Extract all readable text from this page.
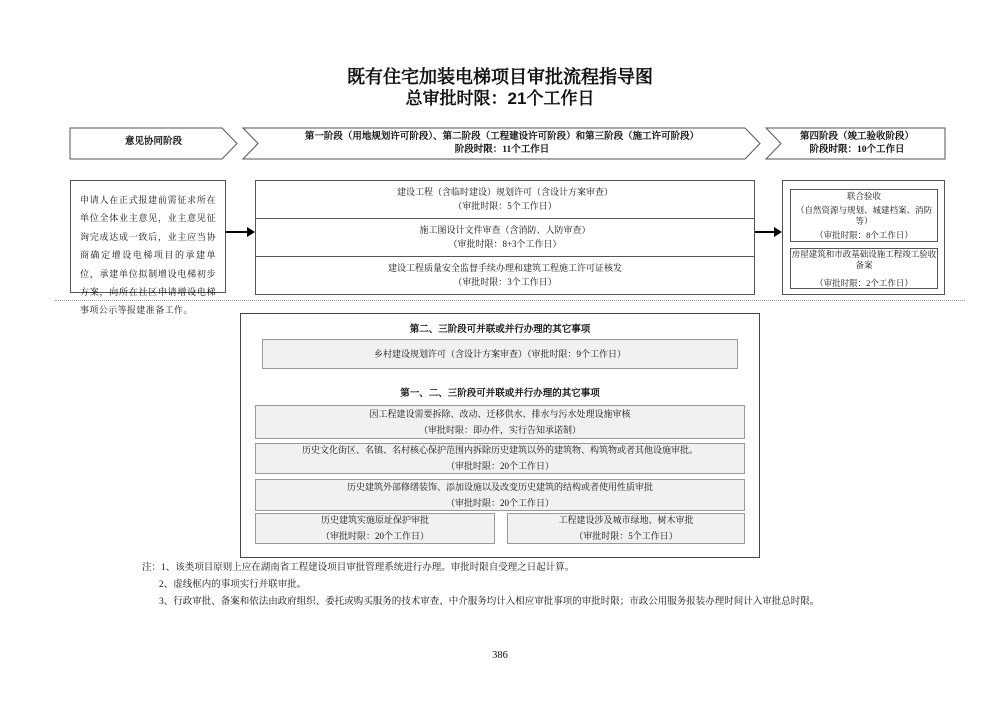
既有住宅加装电梯项目审批流程指导图
总审批时限：21个工作日
意见协同阶段	第一阶段（用地规划许可阶段）、第二阶段（工程建设许可阶段）和第三阶段（施工许可阶段）
阶段时限：11个工作日
第四阶段（竣工验收阶段）
阶段时限：10个工作日
申请人在正式报建前需征求所在单位全体业主意见，业主意见征询完成达成一致后，业主应当协商确定增设电梯项目的承建单位，承建单位拟制增设电梯初步方案，向所在社区申请增设电梯事项公示等报建准备工作。
建设工程（含临时建设）规划许可（含设计方案审查）
（审批时限：5个工作日）
施工图设计文件审查（含消防、人防审查）
（审批时限：8+3个工作日）
建设工程质量安全监督手续办理和建筑工程施工许可证核发
（审批时限：3个工作日）
联合验收
（自然资源与规划、城建档案、消防等）
（审批时限：8个工作日）
房屋建筑和市政基础设施工程竣工验收备案
（审批时限：2个工作日）
第二、三阶段可并联或并行办理的其它事项
乡村建设规划许可（含设计方案审查）（审批时限：9个工作日）
第一、二、三阶段可并联或并行办理的其它事项
因工程建设需要拆除、改动、迁移供水、排水与污水处理设施审核
（审批时限：即办件，实行告知承诺制）
历史文化街区、名镇、名村核心保护范围内拆除历史建筑以外的建筑物、构筑物或者其他设施审批。
（审批时限：20个工作日）
历史建筑外部修缮装饰、添加设施以及改变历史建筑的结构或者使用性质审批
（审批时限：20个工作日）
历史建筑实施原址保护审批
（审批时限：20个工作日）
工程建设涉及城市绿地、树木审批
（审批时限：5个工作日）
注：1、该类项目原则上应在湖南省工程建设项目审批管理系统进行办理。审批时限自受理之日起计算。
2、虚线框内的事项实行并联审批。
3、行政审批、备案和依法由政府组织、委托或购买服务的技术审查、中介服务均计入相应审批事项的审批时限；市政公用服务报装办理时间计入审批总时限。
386
